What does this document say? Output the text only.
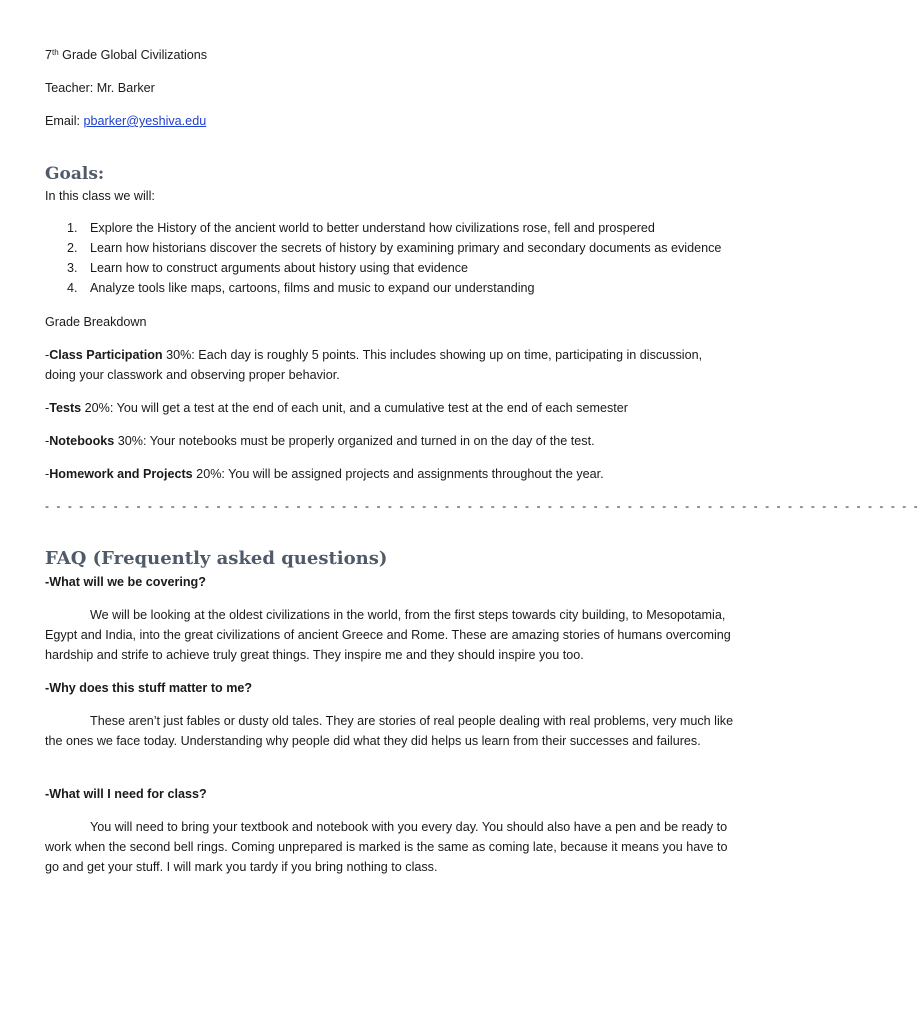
7th Grade Global Civilizations
Teacher: Mr. Barker
Email: pbarker@yeshiva.edu
Goals:
In this class we will:
1. Explore the History of the ancient world to better understand how civilizations rose, fell and prospered
2. Learn how historians discover the secrets of history by examining primary and secondary documents as evidence
3. Learn how to construct arguments about history using that evidence
4. Analyze tools like maps, cartoons, films and music to expand our understanding
Grade Breakdown
-Class Participation 30%: Each day is roughly 5 points. This includes showing up on time, participating in discussion, doing your classwork and observing proper behavior.
-Tests 20%: You will get a test at the end of each unit, and a cumulative test at the end of each semester
-Notebooks 30%: Your notebooks must be properly organized and turned in on the day of the test.
-Homework and Projects 20%: You will be assigned projects and assignments throughout the year.
- - - - - - - - - - - - - - - - - - - - - - - - - - - - - - - - - - - - - - - - - - - - - - - - - - - - - - - - - - - - - - - - - - - - - - - - - - - - -
FAQ (Frequently asked questions)
-What will we be covering?
We will be looking at the oldest civilizations in the world, from the first steps towards city building, to Mesopotamia, Egypt and India, into the great civilizations of ancient Greece and Rome. These are amazing stories of humans overcoming hardship and strife to achieve truly great things. They inspire me and they should inspire you too.
-Why does this stuff matter to me?
These aren’t just fables or dusty old tales. They are stories of real people dealing with real problems, very much like the ones we face today. Understanding why people did what they did helps us learn from their successes and failures.
-What will I need for class?
You will need to bring your textbook and notebook with you every day. You should also have a pen and be ready to work when the second bell rings. Coming unprepared is marked is the same as coming late, because it means you have to go and get your stuff. I will mark you tardy if you bring nothing to class.
